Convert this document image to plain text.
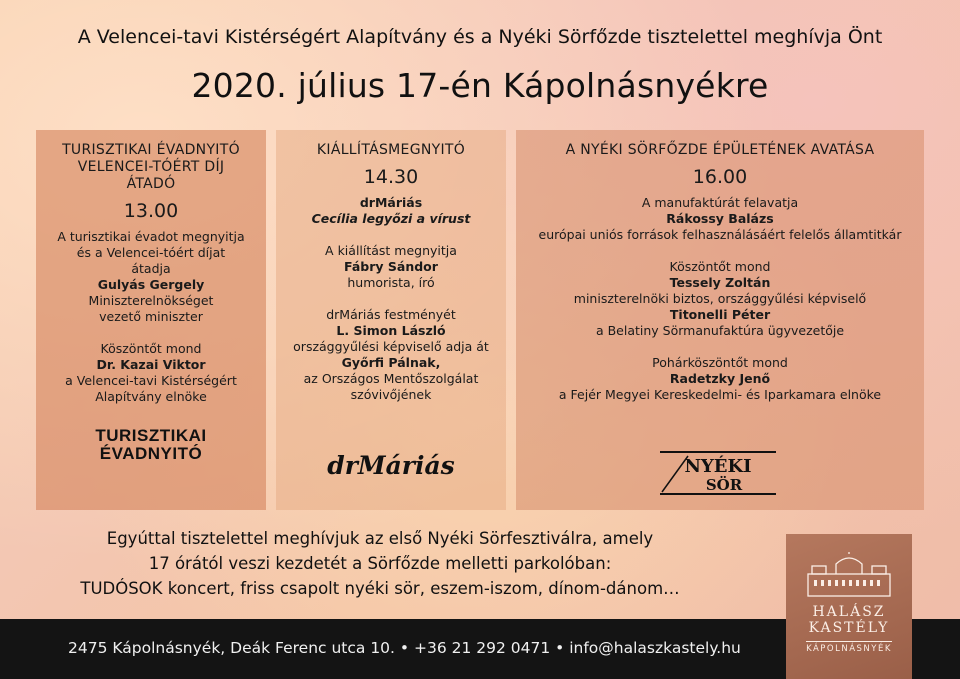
A Velencei-tavi Kistérségért Alapítvány és a Nyéki Sörfőzde tisztelettel meghívja Önt
2020. július 17-én Kápolnásnyékre
TURISZTIKAI ÉVADNYITÓ
VELENCEI-TÓÉRT DÍJ
ÁTADÓ
13.00
A turisztikai évadot megnyitja
és a Velencei-tóért díjat
átadja
Gulyás Gergely
Miniszterelnökséget
vezető miniszter
Köszöntőt mond
Dr. Kazai Viktor
a Velencei-tavi Kistérségért
Alapítvány elnöke
TURISZTIKAI
ÉVADNYITÓ
KIÁLLÍTÁSMEGNYITÓ
14.30
drMáriás
Cecília legyőzi a vírust
A kiállítást megnyitja
Fábry Sándor
humorista, író
drMáriás festményét
L. Simon László
országgyűlési képviselő adja át
Győrfi Pálnak,
az Országos Mentőszolgálat
szóvivőjének
drMáriás
A NYÉKI SÖRFŐZDE ÉPÜLETÉNEK AVATÁSA
16.00
A manufaktúrát felavatja
Rákossy Balázs
európai uniós források felhasználásáért felelős államtitkár
Köszöntőt mond
Tessely Zoltán
miniszterelnöki biztos, országgyűlési képviselő
Titonelli Péter
a Belatiny Sörmanufaktúra ügyvezetője
Pohárköszöntőt mond
Radetzky Jenő
a Fejér Megyei Kereskedelmi- és Iparkamara elnöke
NYÉKI
SÖR
Egyúttal tisztelettel meghívjuk az első Nyéki Sörfesztiválra, amely
17 órától veszi kezdetét a Sörfőzde melletti parkolóban:
TUDÓSOK koncert, friss csapolt nyéki sör, eszem-iszom, dínom-dánom…
2475 Kápolnásnyék, Deák Ferenc utca 10. • +36 21 292 0471 • info@halaszkastely.hu
HALÁSZ
KASTÉLY
KÁPOLNÁSNYÉK
